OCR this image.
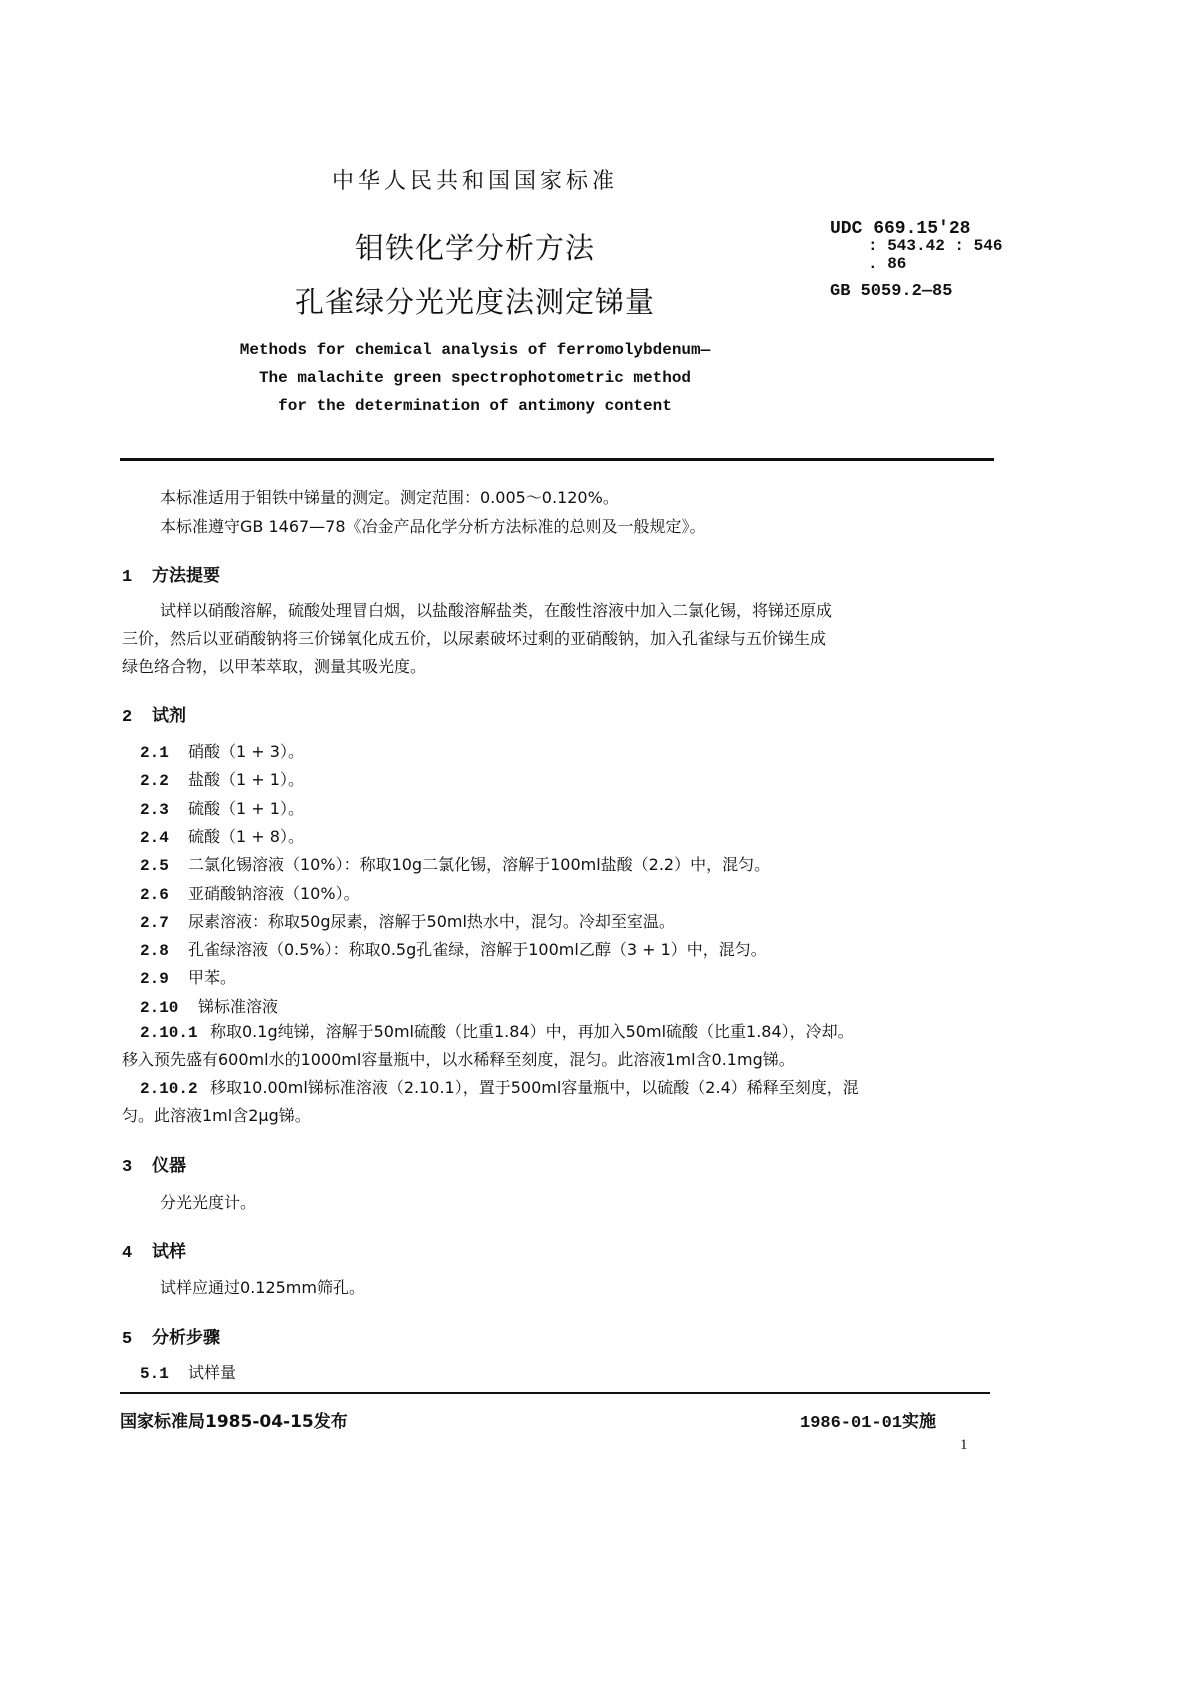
中华人民共和国国家标准
钼铁化学分析方法
孔雀绿分光光度法测定锑量
UDC 669.15′28
: 543.42 : 546
. 86
GB 5059.2—85
Methods for chemical analysis of ferromolybdenum—
The malachite green spectrophotometric method
for the determination of antimony content
本标准适用于钼铁中锑量的测定。测定范围：0.005～0.120%。
本标准遵守GB 1467—78《冶金产品化学分析方法标准的总则及一般规定》。
1 方法提要
试样以硝酸溶解，硫酸处理冒白烟，以盐酸溶解盐类，在酸性溶液中加入二氯化锡，将锑还原成
三价，然后以亚硝酸钠将三价锑氧化成五价，以尿素破坏过剩的亚硝酸钠，加入孔雀绿与五价锑生成
绿色络合物，以甲苯萃取，测量其吸光度。
2 试剂
2.1 硝酸（1 + 3）。
2.2 盐酸（1 + 1）。
2.3 硫酸（1 + 1）。
2.4 硫酸（1 + 8）。
2.5 二氯化锡溶液（10%）：称取10g二氯化锡，溶解于100ml盐酸（2.2）中，混匀。
2.6 亚硝酸钠溶液（10%）。
2.7 尿素溶液：称取50g尿素，溶解于50ml热水中，混匀。冷却至室温。
2.8 孔雀绿溶液（0.5%）：称取0.5g孔雀绿，溶解于100ml乙醇（3 + 1）中，混匀。
2.9 甲苯。
2.10 锑标准溶液
2.10.1 称取0.1g纯锑，溶解于50ml硫酸（比重1.84）中，再加入50ml硫酸（比重1.84），冷却。
移入预先盛有600ml水的1000ml容量瓶中，以水稀释至刻度，混匀。此溶液1ml含0.1mg锑。
2.10.2 移取10.00ml锑标准溶液（2.10.1），置于500ml容量瓶中，以硫酸（2.4）稀释至刻度，混
匀。此溶液1ml含2μg锑。
3 仪器
分光光度计。
4 试样
试样应通过0.125mm筛孔。
5 分析步骤
5.1 试样量
国家标准局1985-04-15发布	1986-01-01实施
1
